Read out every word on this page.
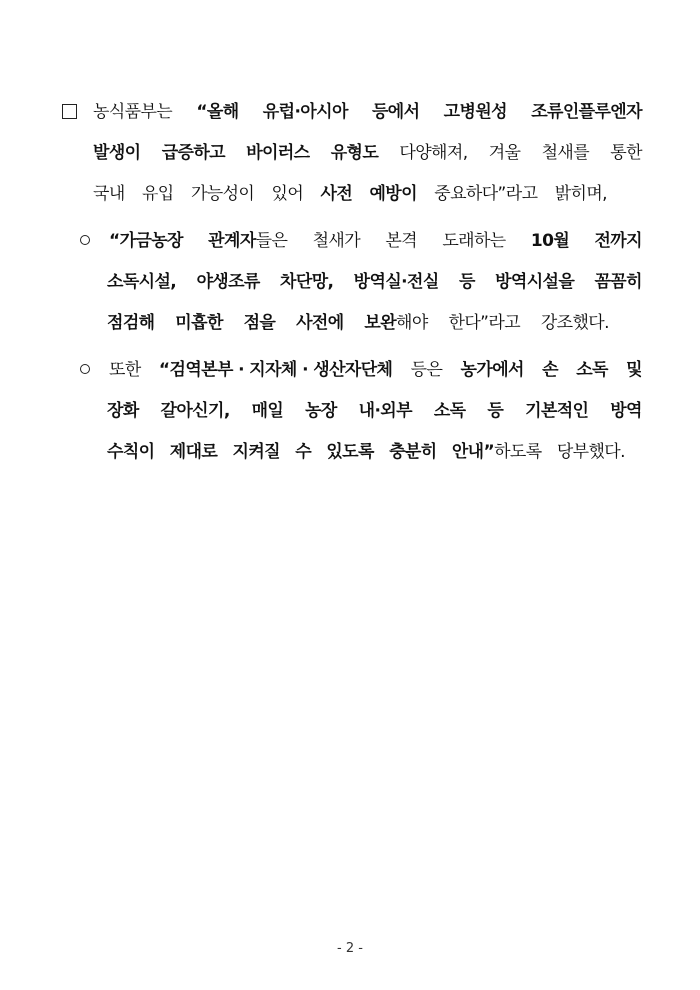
농식품부는 “올해 유럽·아시아 등에서 고병원성 조류인플루엔자
발생이 급증하고 바이러스 유형도 다양해져, 겨울 철새를 통한
국내 유입 가능성이 있어 사전 예방이 중요하다”라고 밝히며,
“가금농장 관계자들은 철새가 본격 도래하는 10월 전까지
소독시설, 야생조류 차단망, 방역실·전실 등 방역시설을 꼼꼼히
점검해 미흡한 점을 사전에 보완해야 한다”라고 강조했다.
또한 “검역본부 · 지자체 · 생산자단체 등은 농가에서 손 소독 및
장화 갈아신기, 매일 농장 내·외부 소독 등 기본적인 방역
수칙이 제대로 지켜질 수 있도록 충분히 안내”하도록 당부했다.
- 2 -
